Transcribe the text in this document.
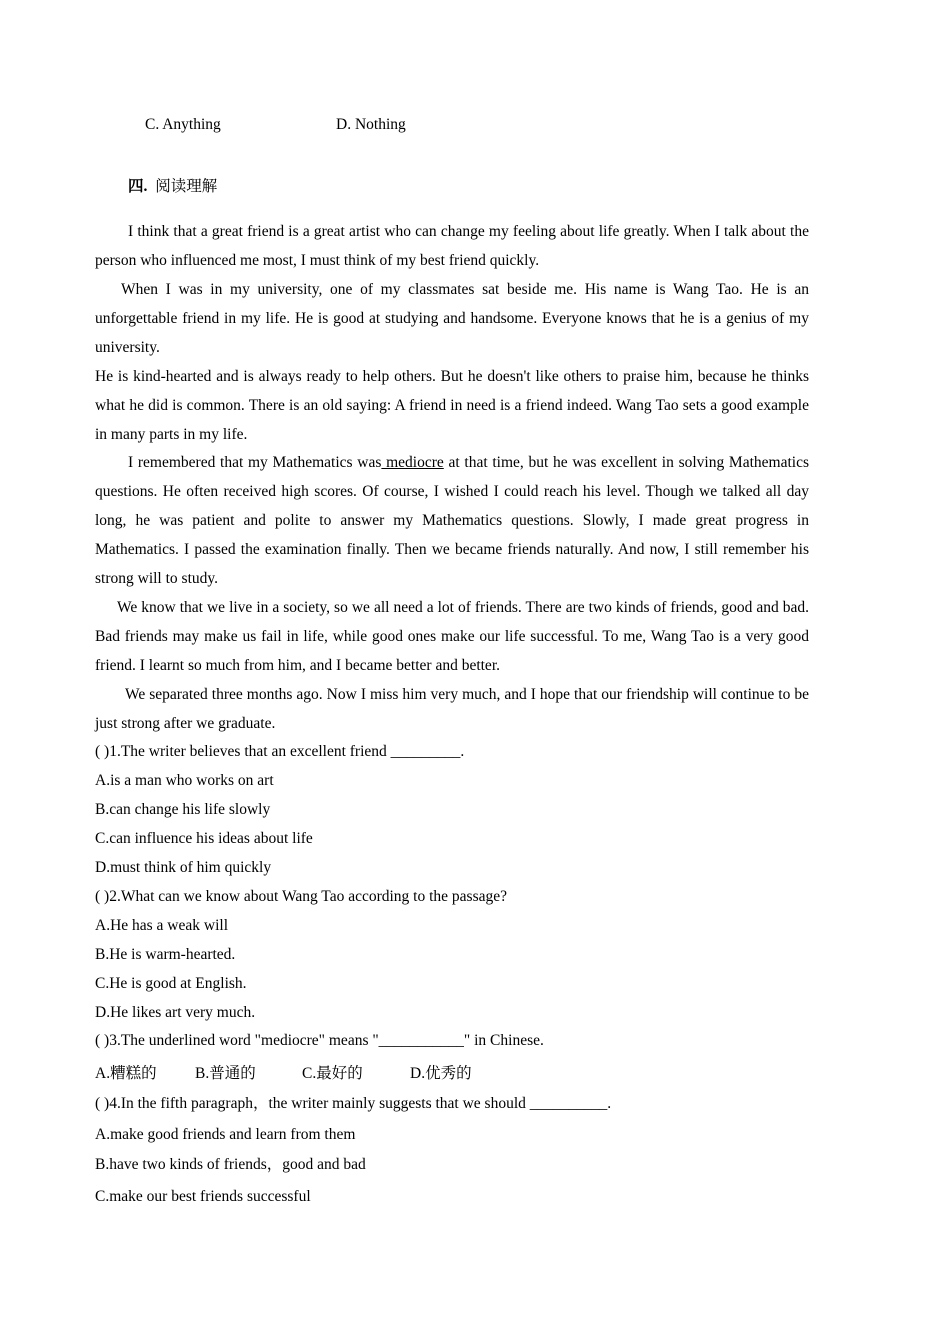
C. Anything	D. Nothing
四. 阅读理解

I think that a great friend is a great artist who can change my feeling about life greatly. When I talk about the person who influenced me most, I must think of my best friend quickly.

When I was in my university, one of my classmates sat beside me. His name is Wang Tao. He is an unforgettable friend in my life. He is good at studying and handsome. Everyone knows that he is a genius of my university.

He is kind-hearted and is always ready to help others. But he doesn't like others to praise him, because he thinks what he did is common. There is an old saying: A friend in need is a friend indeed. Wang Tao sets a good example in many parts in my life.

I remembered that my Mathematics was mediocre at that time, but he was excellent in solving Mathematics questions. He often received high scores. Of course, I wished I could reach his level. Though we talked all day long, he was patient and polite to answer my Mathematics questions. Slowly, I made great progress in Mathematics. I passed the examination finally. Then we became friends naturally. And now, I still remember his strong will to study.

We know that we live in a society, so we all need a lot of friends. There are two kinds of friends, good and bad. Bad friends may make us fail in life, while good ones make our life successful. To me, Wang Tao is a very good friend. I learnt so much from him, and I became better and better.

We separated three months ago. Now I miss him very much, and I hope that our friendship will continue to be just strong after we graduate.

( )1.The writer believes that an excellent friend _________.
A.is a man who works on art
B.can change his life slowly
C.can influence his ideas about life
D.must think of him quickly
( )2.What can we know about Wang Tao according to the passage?
A.He has a weak will
B.He is warm-hearted.
C.He is good at English.
D.He likes art very much.
( )3.The underlined word "mediocre" means "___________" in Chinese.
A.糟糕的 B.普通的	C.最好的	D.优秀的
( )4.In the fifth paragraph，the writer mainly suggests that we should __________.
A.make good friends and learn from them
B.have two kinds of friends，good and bad
C.make our best friends successful
